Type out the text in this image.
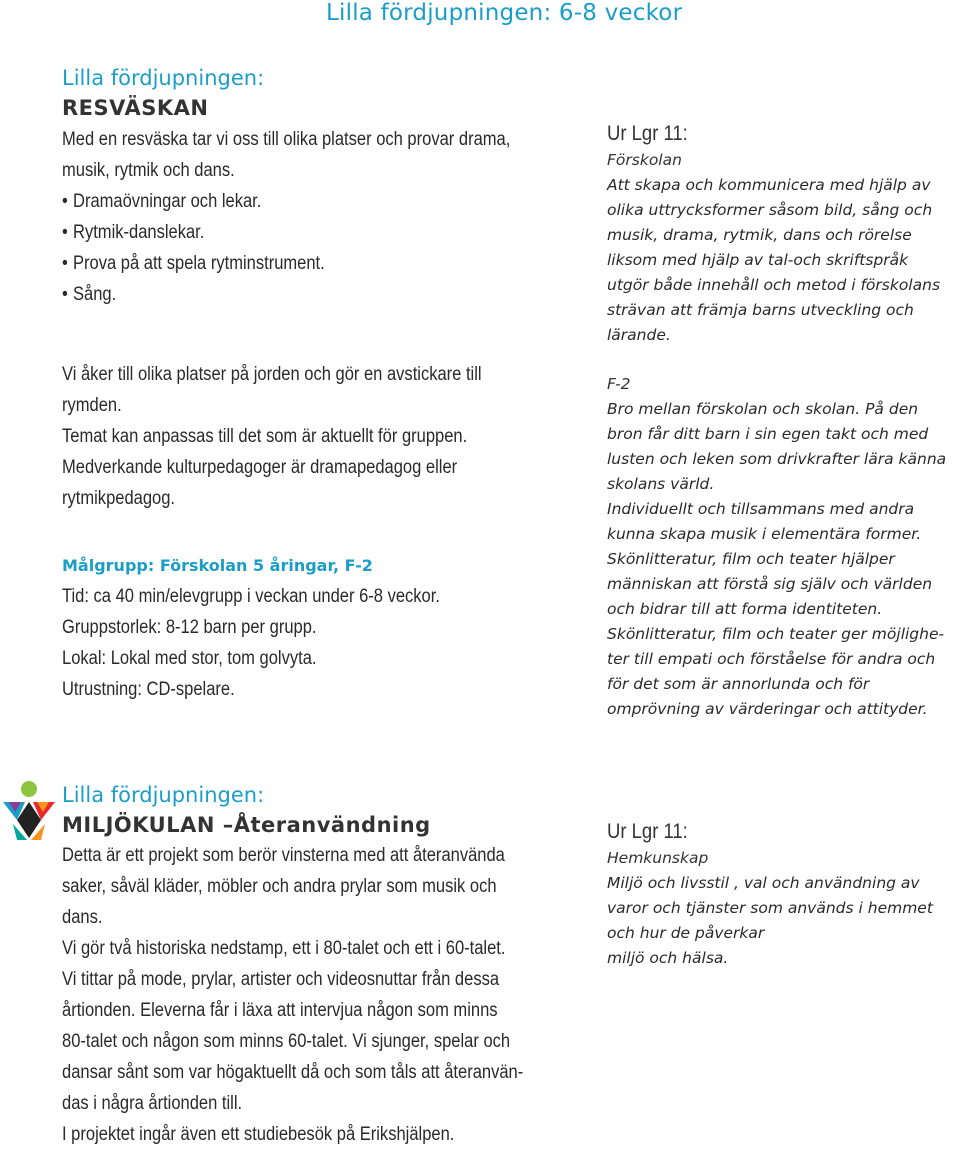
Lilla fördjupningen: 6-8 veckor
Lilla fördjupningen:
RESVÄSKAN
Med en resväska tar vi oss till olika platser och provar drama,
musik, rytmik och dans.
• Dramaövningar och lekar.
• Rytmik-danslekar.
• Prova på att spela rytminstrument.
• Sång.
Vi åker till olika platser på jorden och gör en avstickare till
rymden.
Temat kan anpassas till det som är aktuellt för gruppen.
Medverkande kulturpedagoger är dramapedagog eller
rytmikpedagog.
Målgrupp: Förskolan 5 åringar, F-2
Tid: ca 40 min/elevgrupp i veckan under 6-8 veckor.
Gruppstorlek: 8-12 barn per grupp.
Lokal: Lokal med stor, tom golvyta.
Utrustning: CD-spelare.
Ur Lgr 11:
Förskolan
Att skapa och kommunicera med hjälp av
olika uttrycksformer såsom bild, sång och
musik, drama, rytmik, dans och rörelse
liksom med hjälp av tal-och skriftspråk
utgör både innehåll och metod i förskolans
strävan att främja barns utveckling och
lärande.
F-2
Bro mellan förskolan och skolan. På den
bron får ditt barn i sin egen takt och med
lusten och leken som drivkrafter lära känna
skolans värld.
Individuellt och tillsammans med andra
kunna skapa musik i elementära former.
Skönlitteratur, film och teater hjälper
människan att förstå sig själv och världen
och bidrar till att forma identiteten.
Skönlitteratur, film och teater ger möjlighe-
ter till empati och förståelse för andra och
för det som är annorlunda och för
omprövning av värderingar och attityder.
Lilla fördjupningen:
MILJÖKULAN –Återanvändning
Detta är ett projekt som berör vinsterna med att återanvända
saker, såväl kläder, möbler och andra prylar som musik och
dans.
Vi gör två historiska nedstamp, ett i 80-talet och ett i 60-talet.
Vi tittar på mode, prylar, artister och videosnuttar från dessa
årtionden. Eleverna får i läxa att intervjua någon som minns
80-talet och någon som minns 60-talet. Vi sjunger, spelar och
dansar sånt som var högaktuellt då och som tåls att återanvän-
das i några årtionden till.
I projektet ingår även ett studiebesök på Erikshjälpen.
Ur Lgr 11:
Hemkunskap
Miljö och livsstil , val och användning av
varor och tjänster som används i hemmet
och hur de påverkar
miljö och hälsa.
